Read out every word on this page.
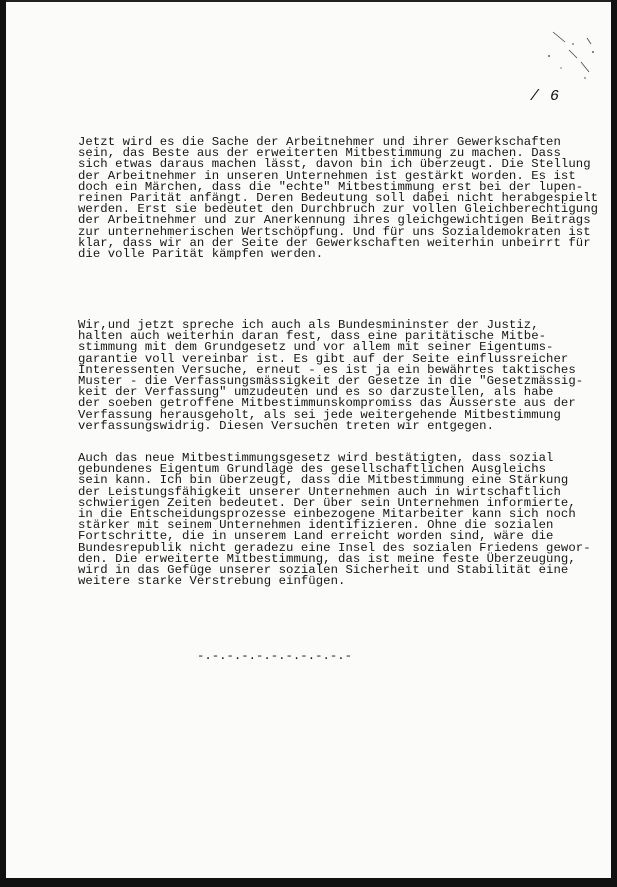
/ 6

Jetzt wird es die Sache der Arbeitnehmer und ihrer Gewerkschaften
sein, das Beste aus der erweiterten Mitbestimmung zu machen. Dass
sich etwas daraus machen lässt, davon bin ich überzeugt. Die Stellung
der Arbeitnehmer in unseren Unternehmen ist gestärkt worden. Es ist
doch ein Märchen, dass die "echte" Mitbestimmung erst bei der lupen-
reinen Parität anfängt. Deren Bedeutung soll dabei nicht herabgespielt
werden. Erst sie bedeutet den Durchbruch zur vollen Gleichberechtigung
der Arbeitnehmer und zur Anerkennung ihres gleichgewichtigen Beitrags
zur unternehmerischen Wertschöpfung. Und für uns Sozialdemokraten ist
klar, dass wir an der Seite der Gewerkschaften weiterhin unbeirrt für
die volle Parität kämpfen werden.

Wir,und jetzt spreche ich auch als Bundesmininster der Justiz,
halten auch weiterhin daran fest, dass eine paritätische Mitbe-
stimmung mit dem Grundgesetz und vor allem mit seiner Eigentums-
garantie voll vereinbar ist. Es gibt auf der Seite einflussreicher
Interessenten Versuche, erneut - es ist ja ein bewährtes taktisches
Muster - die Verfassungsmässigkeit der Gesetze in die "Gesetzmässig-
keit der Verfassung" umzudeuten und es so darzustellen, als habe
der soeben getroffene Mitbestimmunskompromiss das Äusserste aus der
Verfassung herausgeholt, als sei jede weitergehende Mitbestimmung
verfassungswidrig. Diesen Versuchen treten wir entgegen.

Auch das neue Mitbestimmungsgesetz wird bestätigten, dass sozial
gebundenes Eigentum Grundlage des gesellschaftlichen Ausgleichs
sein kann. Ich bin überzeugt, dass die Mitbestimmung eine Stärkung
der Leistungsfähigkeit unserer Unternehmen auch in wirtschaftlich
schwierigen Zeiten bedeutet. Der über sein Unternehmen informierte,
in die Entscheidungsprozesse einbezogene Mitarbeiter kann sich noch
stärker mit seinem Unternehmen identifizieren. Ohne die sozialen
Fortschritte, die in unserem Land erreicht worden sind, wäre die
Bundesrepublik nicht geradezu eine Insel des sozialen Friedens gewor-
den. Die erweiterte Mitbestimmung, das ist meine feste Überzeugung,
wird in das Gefüge unserer sozialen Sicherheit und Stabilität eine
weitere starke Verstrebung einfügen.

-.-.-.-.-.-.-.-.-.-.-
